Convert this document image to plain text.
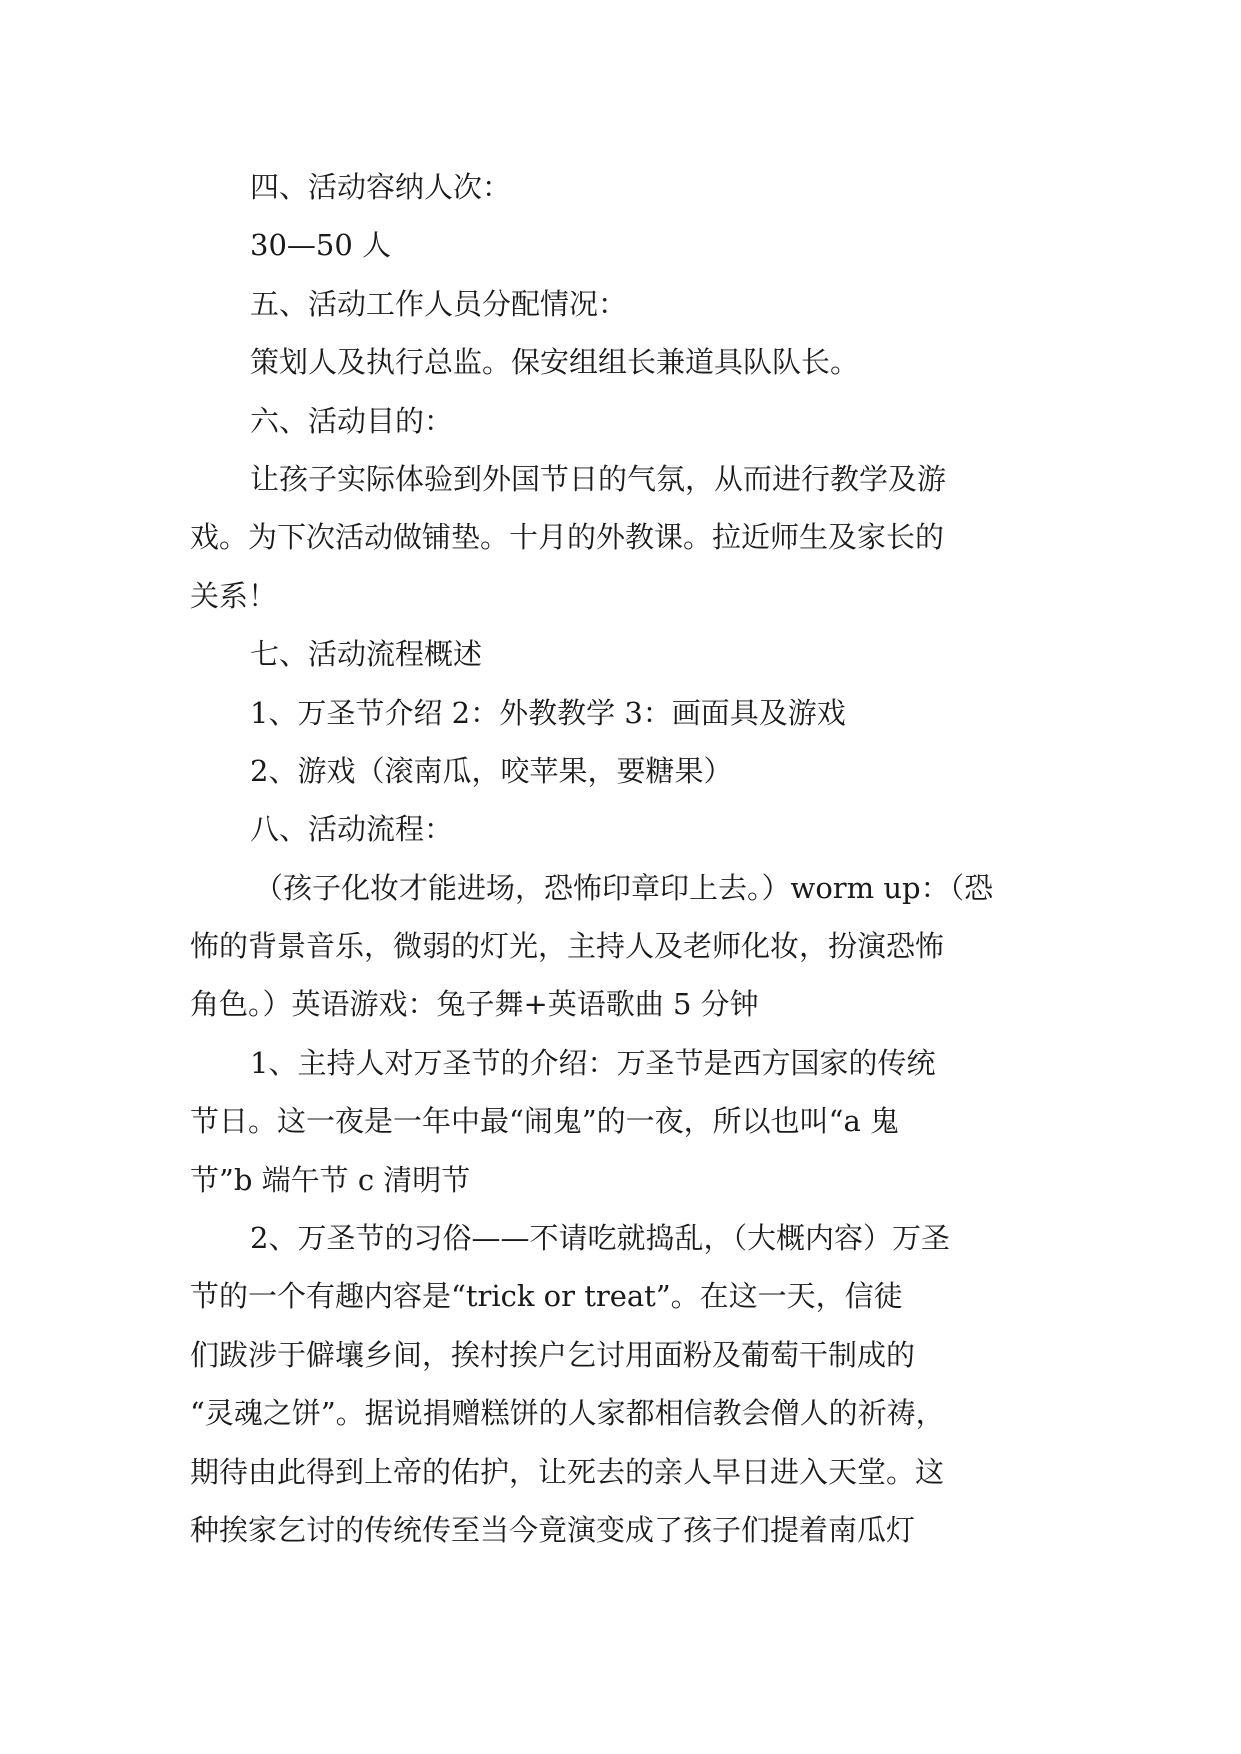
四、活动容纳人次：
30—50 人
五、活动工作人员分配情况：
策划人及执行总监。保安组组长兼道具队队长。
六、活动目的：
让孩子实际体验到外国节日的气氛，从而进行教学及游
戏。为下次活动做铺垫。十月的外教课。拉近师生及家长的
关系！
七、活动流程概述
1、万圣节介绍 2：外教教学 3：画面具及游戏
2、游戏（滚南瓜，咬苹果，要糖果）
八、活动流程：
（孩子化妆才能进场，恐怖印章印上去。）worm up：（恐
怖的背景音乐，微弱的灯光，主持人及老师化妆，扮演恐怖
角色。）英语游戏：兔子舞+英语歌曲 5 分钟
1、主持人对万圣节的介绍：万圣节是西方国家的传统
节日。这一夜是一年中最“闹鬼”的一夜，所以也叫“a 鬼
节”b 端午节 c 清明节
2、万圣节的习俗——不请吃就捣乱，（大概内容）万圣
节的一个有趣内容是“trick or treat”。在这一天，信徒
们跋涉于僻壤乡间，挨村挨户乞讨用面粉及葡萄干制成的
“灵魂之饼”。据说捐赠糕饼的人家都相信教会僧人的祈祷，
期待由此得到上帝的佑护，让死去的亲人早日进入天堂。这
种挨家乞讨的传统传至当今竟演变成了孩子们提着南瓜灯
